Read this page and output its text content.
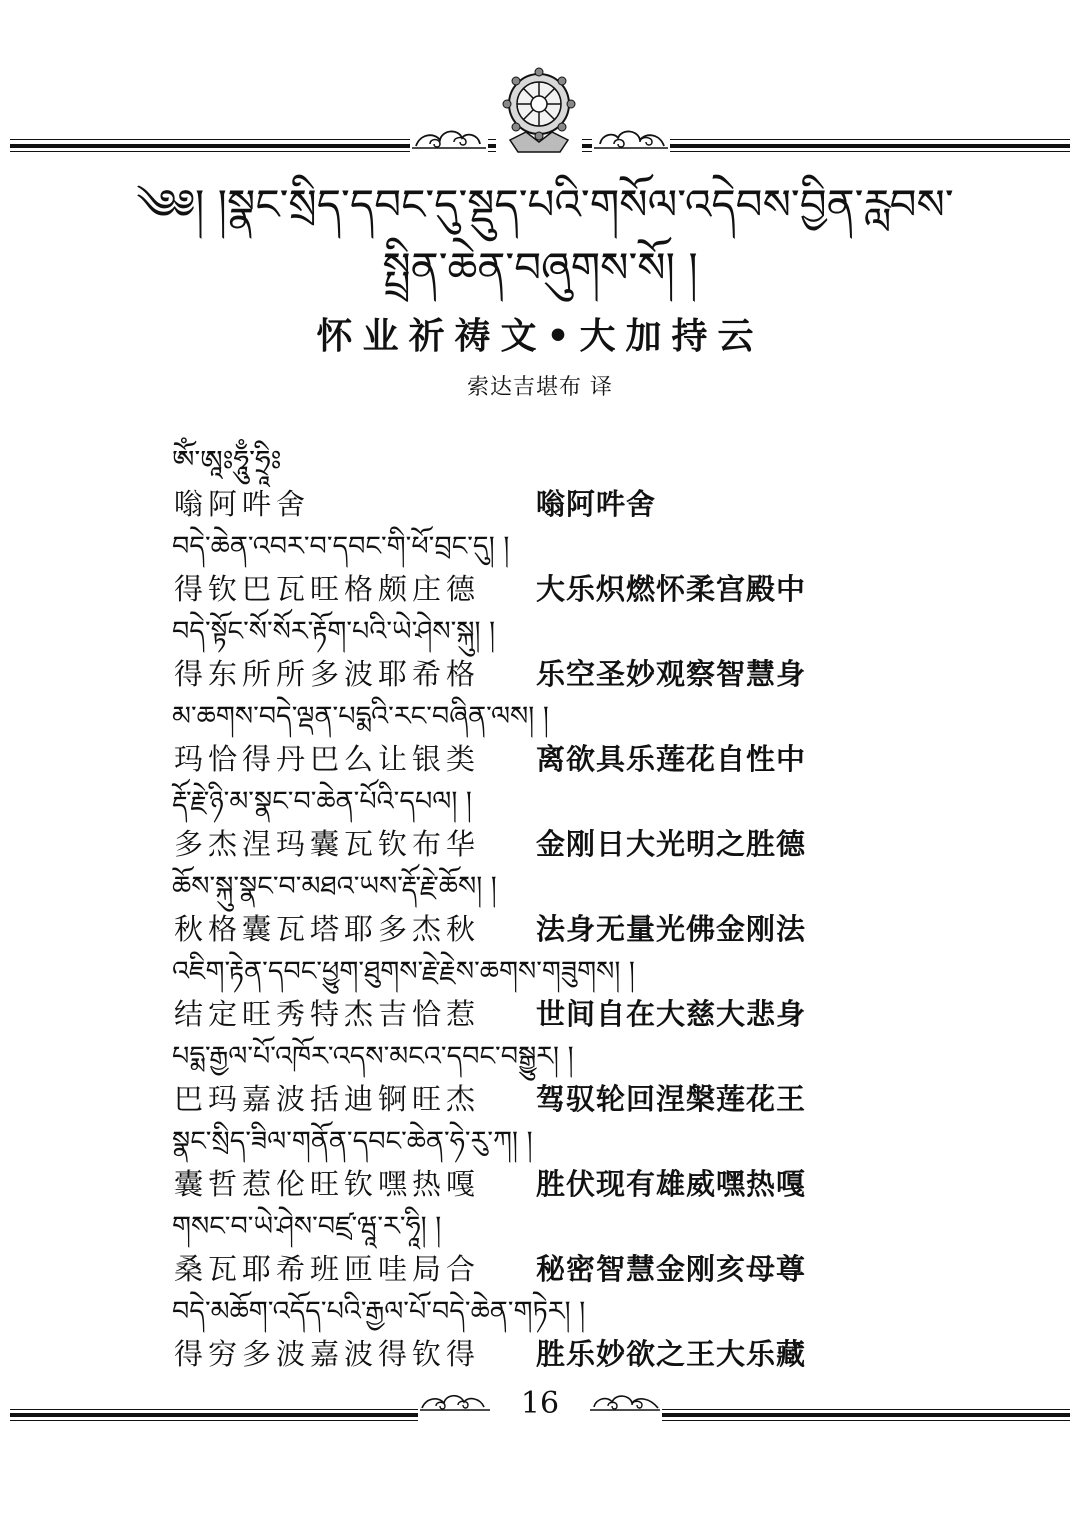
༄༅། །སྣང་སྲིད་དབང་དུ་སྡུད་པའི་གསོལ་འདེབས་བྱིན་རླབས་
སྤྲིན་ཆེན་བཞུགས་སོ། །
怀业祈祷文•大加持云
索达吉堪布 译
ཨོཾ་ཨཱཿཧཱུྃ་ཧྲཱིཿ
嗡阿吽舍	嗡阿吽舍
བདེ་ཆེན་འབར་བ་དབང་གི་ཕོ་བྲང་དུ། །
得钦巴瓦旺格颇庄德 大乐炽燃怀柔宫殿中
བདེ་སྟོང་སོ་སོར་རྟོག་པའི་ཡེ་ཤེས་སྐུ། །
得东所所多波耶希格 乐空圣妙观察智慧身
མ་ཆགས་བདེ་ལྡན་པདྨའི་རང་བཞིན་ལས། །
玛恰得丹巴么让银类 离欲具乐莲花自性中
རྡོ་རྗེ་ཉི་མ་སྣང་བ་ཆེན་པོའི་དཔལ། །
多杰涅玛囊瓦钦布华 金刚日大光明之胜德
ཆོས་སྐུ་སྣང་བ་མཐའ་ཡས་རྡོ་རྗེ་ཆོས། །
秋格囊瓦塔耶多杰秋 法身无量光佛金刚法
འཇིག་རྟེན་དབང་ཕྱུག་ཐུགས་རྗེ་རྗེས་ཆགས་གཟུགས། །
结定旺秀特杰吉恰惹 世间自在大慈大悲身
པདྨ་རྒྱལ་པོ་འཁོར་འདས་མངའ་དབང་བསྒྱུར། །
巴玛嘉波括迪锕旺杰 驾驭轮回涅槃莲花王
སྣང་སྲིད་ཟིལ་གནོན་དབང་ཆེན་ཧེ་རུ་ཀ། །
囊哲惹伦旺钦嘿热嘎 胜伏现有雄威嘿热嘎
གསང་བ་ཡེ་ཤེས་བཛྲ་ཝཱ་ར་ཧཱི། །
桑瓦耶希班匝哇局合 秘密智慧金刚亥母尊
བདེ་མཆོག་འདོད་པའི་རྒྱལ་པོ་བདེ་ཆེན་གཏེར། །
得穷多波嘉波得钦得 胜乐妙欲之王大乐藏
16
